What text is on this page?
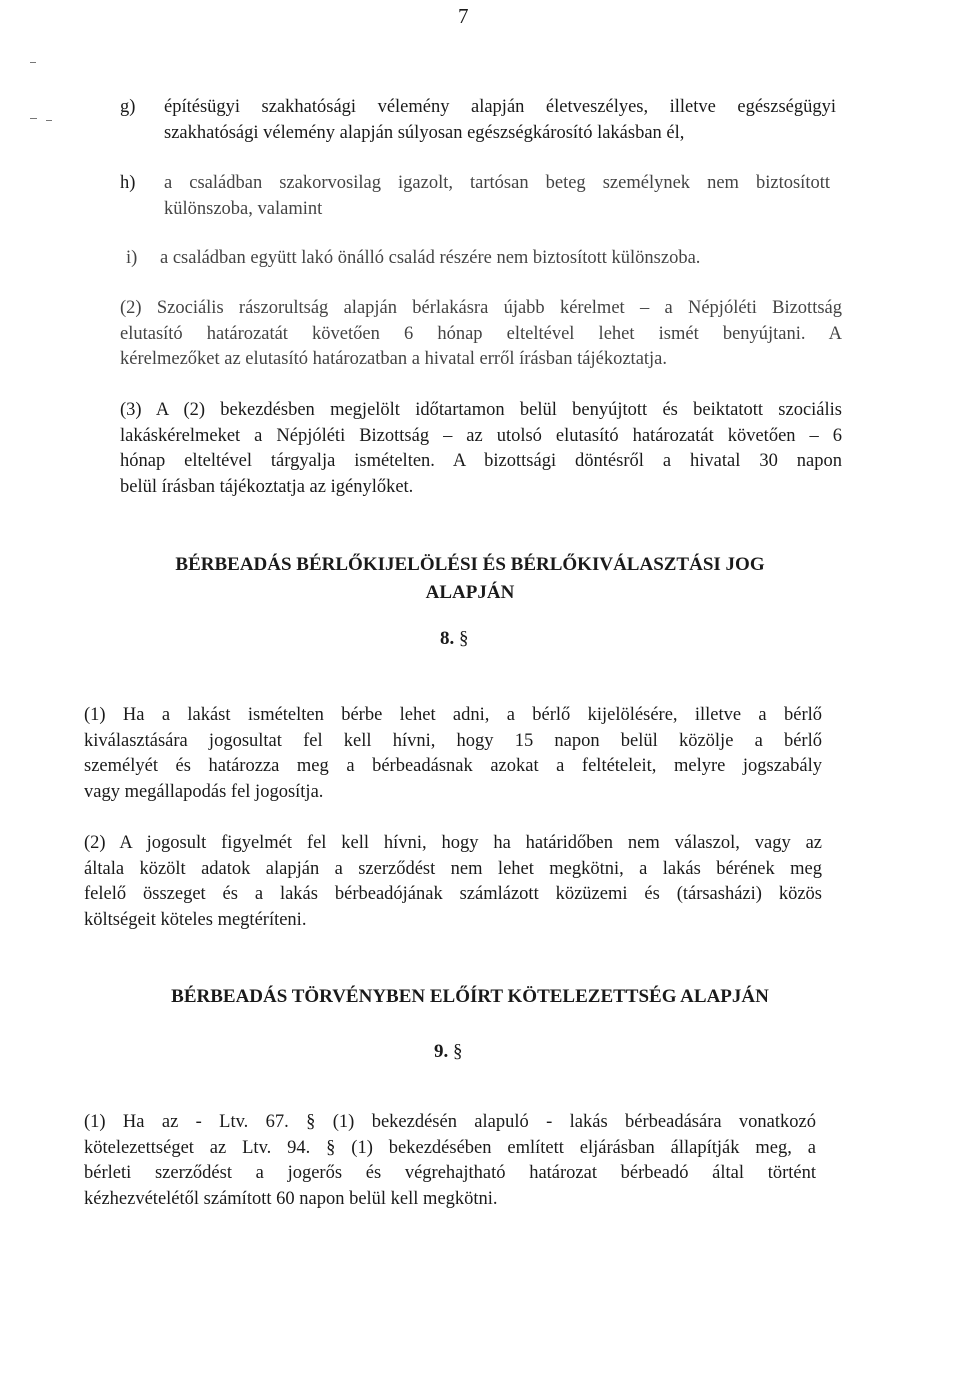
7
g) építésügyi szakhatósági vélemény alapján életveszélyes, illetve egészségügyi
szakhatósági vélemény alapján súlyosan egészségkárosító lakásban él,
h) a családban szakorvosilag igazolt, tartósan beteg személynek nem biztosított
különszoba, valamint
i) a családban együtt lakó önálló család részére nem biztosított különszoba.
(2) Szociális rászorultság alapján bérlakásra újabb kérelmet – a Népjóléti Bizottság
elutasító határozatát követően 6 hónap elteltével lehet ismét benyújtani. A
kérelmezőket az elutasító határozatban a hivatal erről írásban tájékoztatja.
(3) A (2) bekezdésben megjelölt időtartamon belül benyújtott és beiktatott szociális
lakáskérelmeket a Népjóléti Bizottság – az utolsó elutasító határozatát követően – 6
hónap elteltével tárgyalja ismételten. A bizottsági döntésről a hivatal 30 napon
belül írásban tájékoztatja az igénylőket.
BÉRBEADÁS BÉRLŐKIJELÖLÉSI ÉS BÉRLŐKIVÁLASZTÁSI JOG
ALAPJÁN
8. §
(1) Ha a lakást ismételten bérbe lehet adni, a bérlő kijelölésére, illetve a bérlő
kiválasztására jogosultat fel kell hívni, hogy 15 napon belül közölje a bérlő
személyét és határozza meg a bérbeadásnak azokat a feltételeit, melyre jogszabály
vagy megállapodás fel jogosítja.
(2) A jogosult figyelmét fel kell hívni, hogy ha határidőben nem válaszol, vagy az
általa közölt adatok alapján a szerződést nem lehet megkötni, a lakás bérének meg
felelő összeget és a lakás bérbeadójának számlázott közüzemi és (társasházi) közös
költségeit köteles megtéríteni.
BÉRBEADÁS TÖRVÉNYBEN ELŐÍRT KÖTELEZETTSÉG ALAPJÁN
9. §
(1) Ha az - Ltv. 67. § (1) bekezdésén alapuló - lakás bérbeadására vonatkozó
kötelezettséget az Ltv. 94. § (1) bekezdésében említett eljárásban állapítják meg, a
bérleti szerződést a jogerős és végrehajtható határozat bérbeadó által történt
kézhezvételétől számított 60 napon belül kell megkötni.
